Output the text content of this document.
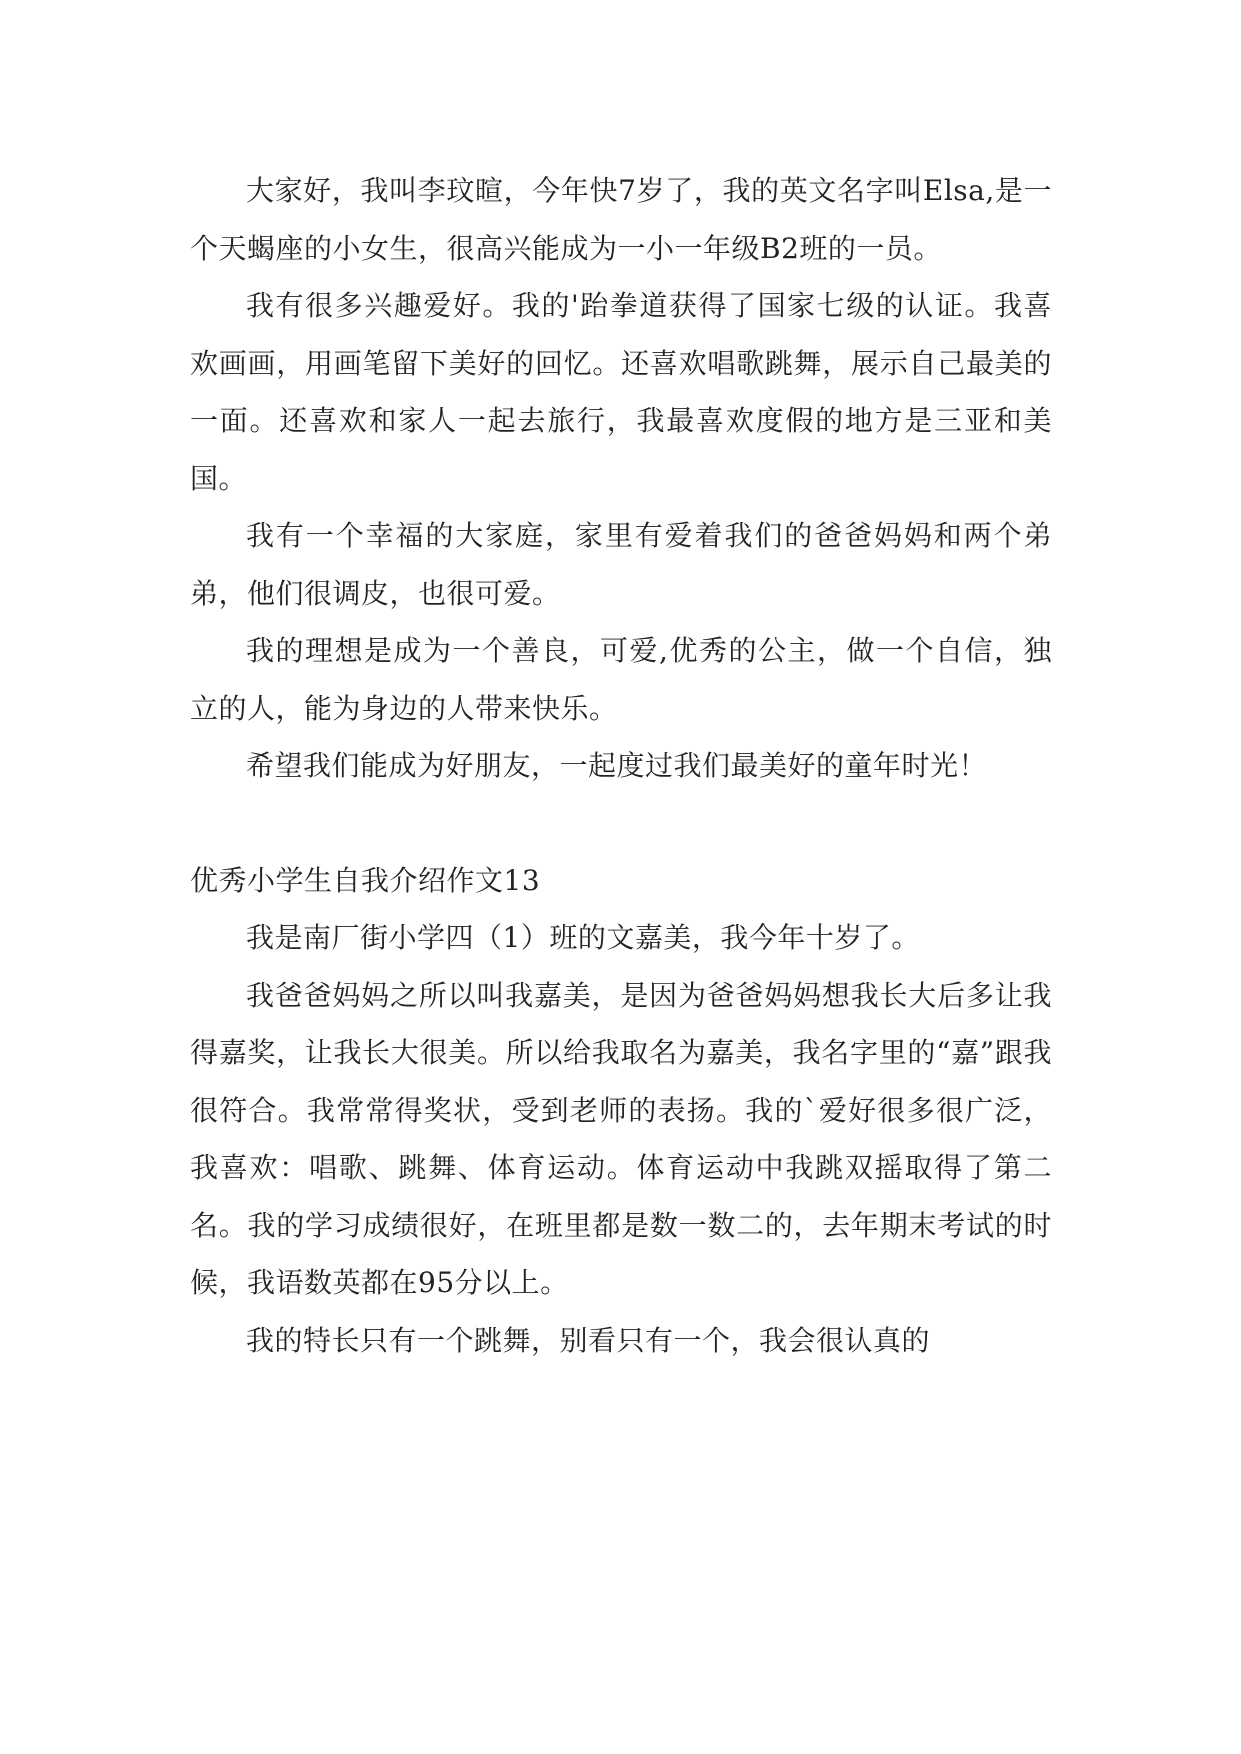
大家好，我叫李玟暄，今年快7岁了，我的英文名字叫Elsa,是一个天蝎座的小女生，很高兴能成为一小一年级B2班的一员。

我有很多兴趣爱好。我的'跆拳道获得了国家七级的认证。我喜欢画画，用画笔留下美好的回忆。还喜欢唱歌跳舞，展示自己最美的一面。还喜欢和家人一起去旅行，我最喜欢度假的地方是三亚和美国。

我有一个幸福的大家庭，家里有爱着我们的爸爸妈妈和两个弟弟，他们很调皮，也很可爱。

我的理想是成为一个善良，可爱,优秀的公主，做一个自信，独立的人，能为身边的人带来快乐。

希望我们能成为好朋友，一起度过我们最美好的童年时光！

优秀小学生自我介绍作文13

我是南厂街小学四（1）班的文嘉美，我今年十岁了。

我爸爸妈妈之所以叫我嘉美，是因为爸爸妈妈想我长大后多让我得嘉奖，让我长大很美。所以给我取名为嘉美，我名字里的“嘉”跟我很符合。我常常得奖状，受到老师的表扬。我的`爱好很多很广泛，我喜欢：唱歌、跳舞、体育运动。体育运动中我跳双摇取得了第二名。我的学习成绩很好，在班里都是数一数二的，去年期末考试的时候，我语数英都在95分以上。

我的特长只有一个跳舞，别看只有一个，我会很认真的
